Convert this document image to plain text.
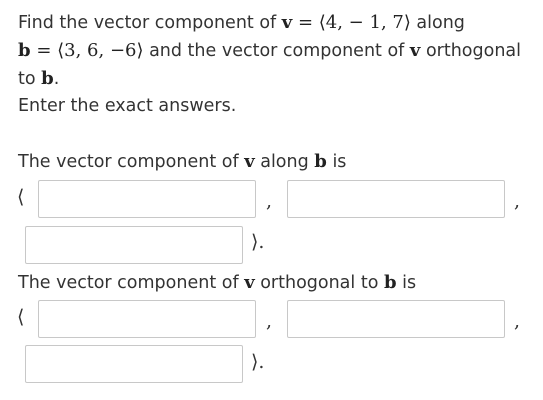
Find the vector component of v = ⟨4, − 1, 7⟩ along

b = ⟨3, 6, −6⟩ and the vector component of v orthogonal

to b.

Enter the exact answers.
The vector component of v along b is
⟨	,	,
⟩.
The vector component of v orthogonal to b is
⟨	,	,
⟩.
